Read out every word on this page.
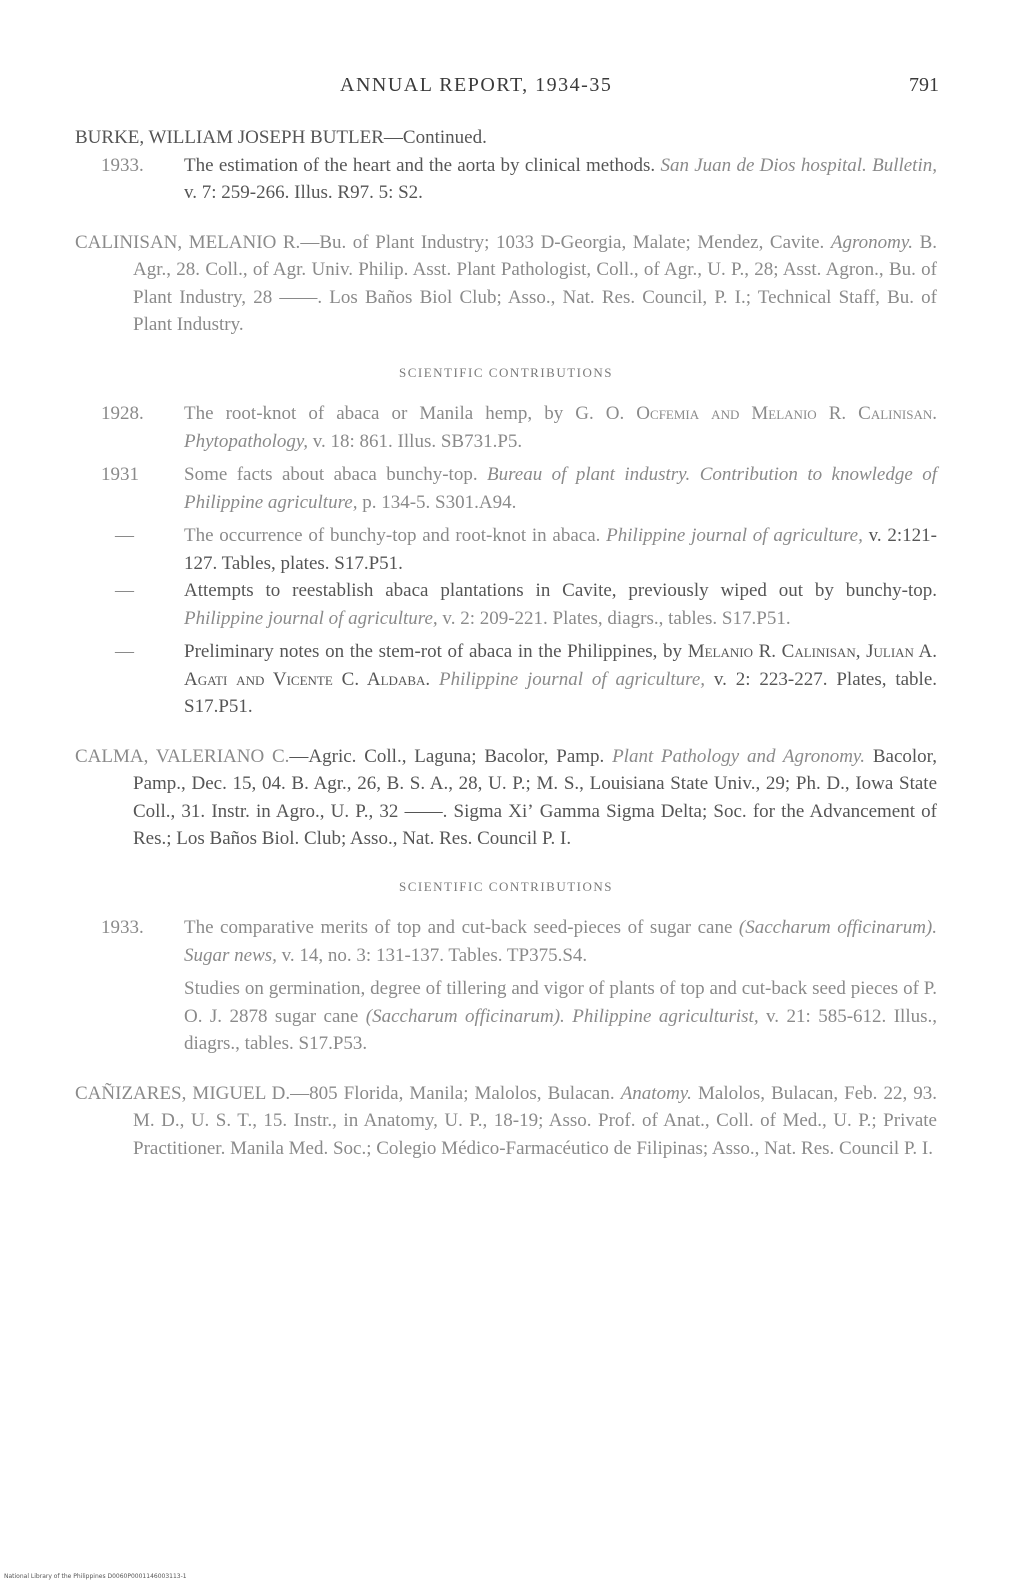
ANNUAL REPORT, 1934-35	791

BURKE, WILLIAM JOSEPH BUTLER—Continued.

1933. The estimation of the heart and the aorta by clinical methods. San Juan de Dios hospital. Bulletin, v. 7: 259-266. Illus. R97. 5: S2.

CALINISAN, MELANIO R.—Bu. of Plant Industry; 1033 D-Georgia, Malate; Mendez, Cavite. Agronomy. B. Agr., 28. Coll., of Agr. Univ. Philip. Asst. Plant Pathologist, Coll., of Agr., U. P., 28; Asst. Agron., Bu. of Plant Industry, 28 ——. Los Baños Biol Club; Asso., Nat. Res. Council, P. I.; Technical Staff, Bu. of Plant Industry.

SCIENTIFIC CONTRIBUTIONS
1928. The root-knot of abaca or Manila hemp, by G. O. Ocfemia and Melanio R. Calinisan. Phytopathology, v. 18: 861. Illus. SB731.P5.
1931 Some facts about abaca bunchy-top. Bureau of plant industry. Contribution to knowledge of Philippine agriculture, p. 134-5. S301.A94.
—	The occurrence of bunchy-top and root-knot in abaca. Philippine journal of agriculture, v. 2:121-127. Tables, plates. S17.P51.
—	Attempts to reestablish abaca plantations in Cavite, previously wiped out by bunchy-top. Philippine journal of agriculture, v. 2: 209-221. Plates, diagrs., tables. S17.P51.
—	Preliminary notes on the stem-rot of abaca in the Philippines, by Melanio R. Calinisan, Julian A. Agati and Vicente C. Aldaba. Philippine journal of agriculture, v. 2: 223-227. Plates, table. S17.P51.

CALMA, VALERIANO C.—Agric. Coll., Laguna; Bacolor, Pamp. Plant Pathology and Agronomy. Bacolor, Pamp., Dec. 15, 04. B. Agr., 26, B. S. A., 28, U. P.; M. S., Louisiana State Univ., 29; Ph. D., Iowa State Coll., 31. Instr. in Agro., U. P., 32 ——. Sigma Xiʼ Gamma Sigma Delta; Soc. for the Advancement of Res.; Los Baños Biol. Club; Asso., Nat. Res. Council P. I.

SCIENTIFIC CONTRIBUTIONS
1933. The comparative merits of top and cut-back seed-pieces of sugar cane (Saccharum officinarum). Sugar news, v. 14, no. 3: 131-137. Tables. TP375.S4.
Studies on germination, degree of tillering and vigor of plants of top and cut-back seed pieces of P. O. J. 2878 sugar cane (Saccharum officinarum). Philippine agriculturist, v. 21: 585-612. Illus., diagrs., tables. S17.P53.

CAÑIZARES, MIGUEL D.—805 Florida, Manila; Malolos, Bulacan. Anatomy. Malolos, Bulacan, Feb. 22, 93. M. D., U. S. T., 15. Instr., in Anatomy, U. P., 18-19; Asso. Prof. of Anat., Coll. of Med., U. P.; Private Practitioner. Manila Med. Soc.; Colegio Médico-Farmacéutico de Filipinas; Asso., Nat. Res. Council P. I.

National Library of the Philippines D0060P0001146003113-1
